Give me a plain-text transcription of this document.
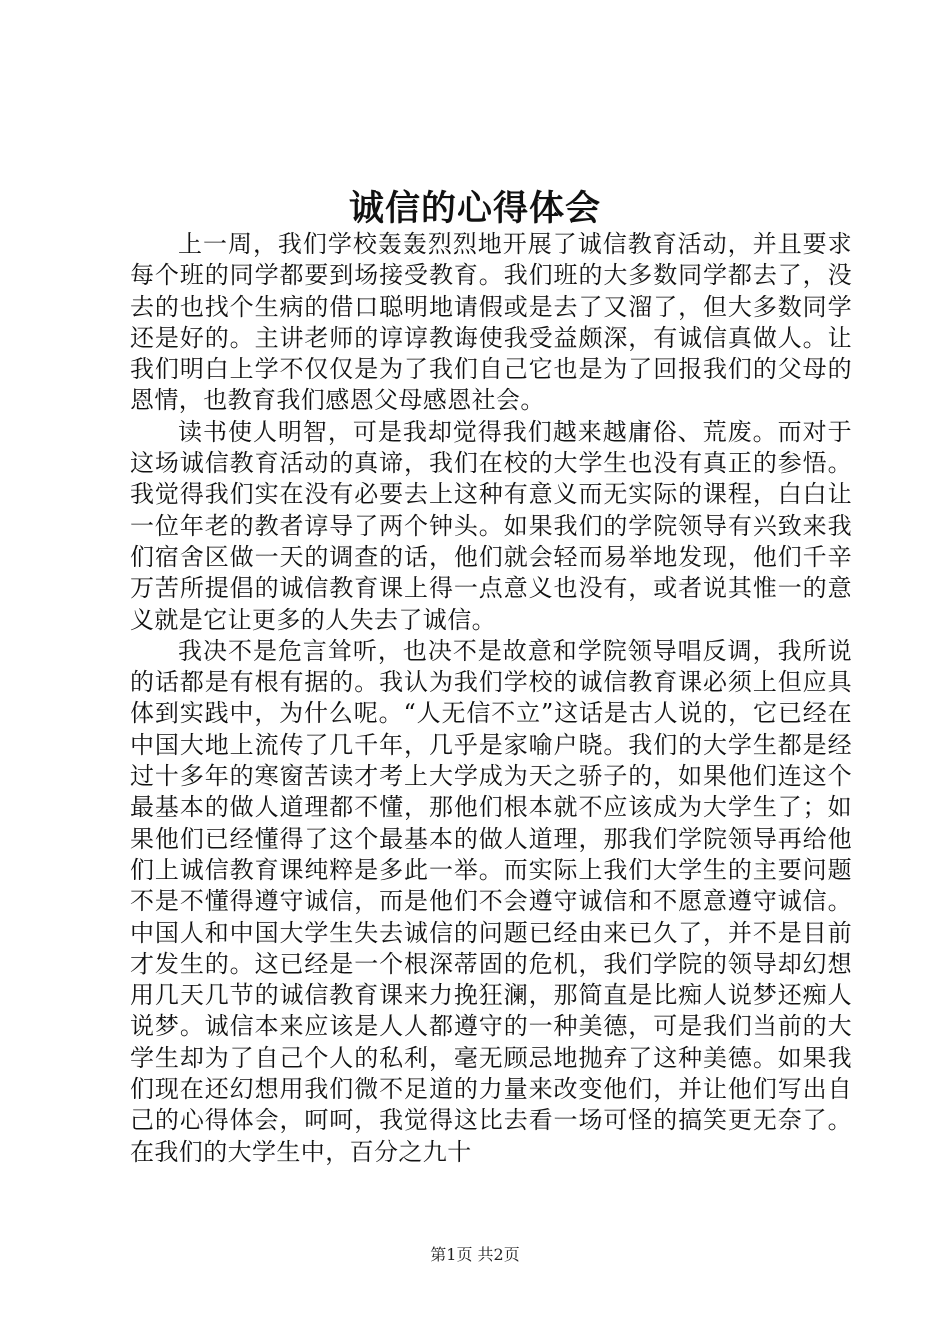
诚信的心得体会

上一周，我们学校轰轰烈烈地开展了诚信教育活动，并且要求每个班的同学都要到场接受教育。我们班的大多数同学都去了，没去的也找个生病的借口聪明地请假或是去了又溜了，但大多数同学还是好的。主讲老师的谆谆教诲使我受益颇深，有诚信真做人。让我们明白上学不仅仅是为了我们自己它也是为了回报我们的父母的恩情，也教育我们感恩父母感恩社会。

读书使人明智，可是我却觉得我们越来越庸俗、荒废。而对于这场诚信教育活动的真谛，我们在校的大学生也没有真正的参悟。我觉得我们实在没有必要去上这种有意义而无实际的课程，白白让一位年老的教者谆导了两个钟头。如果我们的学院领导有兴致来我们宿舍区做一天的调查的话，他们就会轻而易举地发现，他们千辛万苦所提倡的诚信教育课上得一点意义也没有，或者说其惟一的意义就是它让更多的人失去了诚信。

我决不是危言耸听，也决不是故意和学院领导唱反调，我所说的话都是有根有据的。我认为我们学校的诚信教育课必须上但应具体到实践中，为什么呢。“人无信不立”这话是古人说的，它已经在中国大地上流传了几千年，几乎是家喻户晓。我们的大学生都是经过十多年的寒窗苦读才考上大学成为天之骄子的，如果他们连这个最基本的做人道理都不懂，那他们根本就不应该成为大学生了；如果他们已经懂得了这个最基本的做人道理，那我们学院领导再给他们上诚信教育课纯粹是多此一举。而实际上我们大学生的主要问题不是不懂得遵守诚信，而是他们不会遵守诚信和不愿意遵守诚信。中国人和中国大学生失去诚信的问题已经由来已久了，并不是目前才发生的。这已经是一个根深蒂固的危机，我们学院的领导却幻想用几天几节的诚信教育课来力挽狂澜，那简直是比痴人说梦还痴人说梦。诚信本来应该是人人都遵守的一种美德，可是我们当前的大学生却为了自己个人的私利，毫无顾忌地抛弃了这种美德。如果我们现在还幻想用我们微不足道的力量来改变他们，并让他们写出自己的心得体会，呵呵，我觉得这比去看一场可怪的搞笑更无奈了。在我们的大学生中，百分之九十

第1页 共2页
